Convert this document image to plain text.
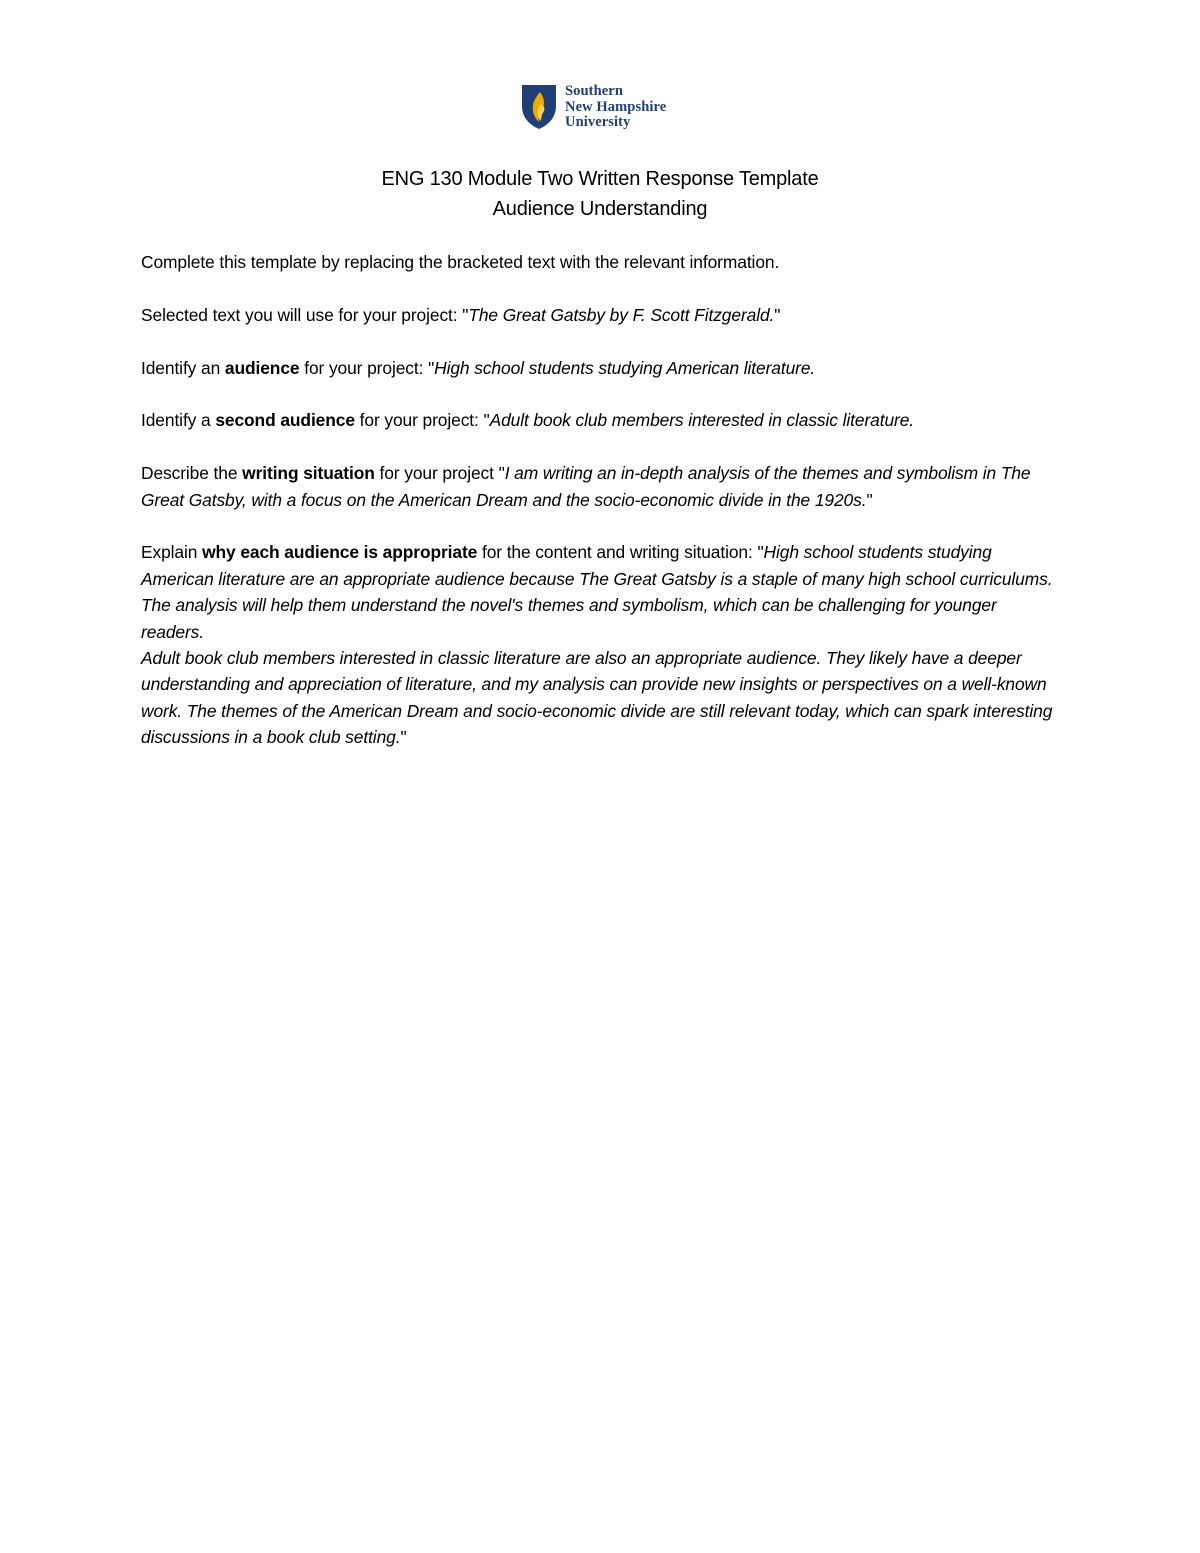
Southern
New Hampshire
University
ENG 130 Module Two Written Response Template
Audience Understanding

Complete this template by replacing the bracketed text with the relevant information.

Selected text you will use for your project: "The Great Gatsby by F. Scott Fitzgerald."

Identify an audience for your project: "High school students studying American literature.

Identify a second audience for your project: "Adult book club members interested in classic literature.

Describe the writing situation for your project "I am writing an in-depth analysis of the themes and symbolism in The Great Gatsby, with a focus on the American Dream and the socio-economic divide in the 1920s."

Explain why each audience is appropriate for the content and writing situation: "High school students studying American literature are an appropriate audience because The Great Gatsby is a staple of many high school curriculums. The analysis will help them understand the novel's themes and symbolism, which can be challenging for younger readers.

Adult book club members interested in classic literature are also an appropriate audience. They likely have a deeper understanding and appreciation of literature, and my analysis can provide new insights or perspectives on a well-known work. The themes of the American Dream and socio-economic divide are still relevant today, which can spark interesting discussions in a book club setting."
